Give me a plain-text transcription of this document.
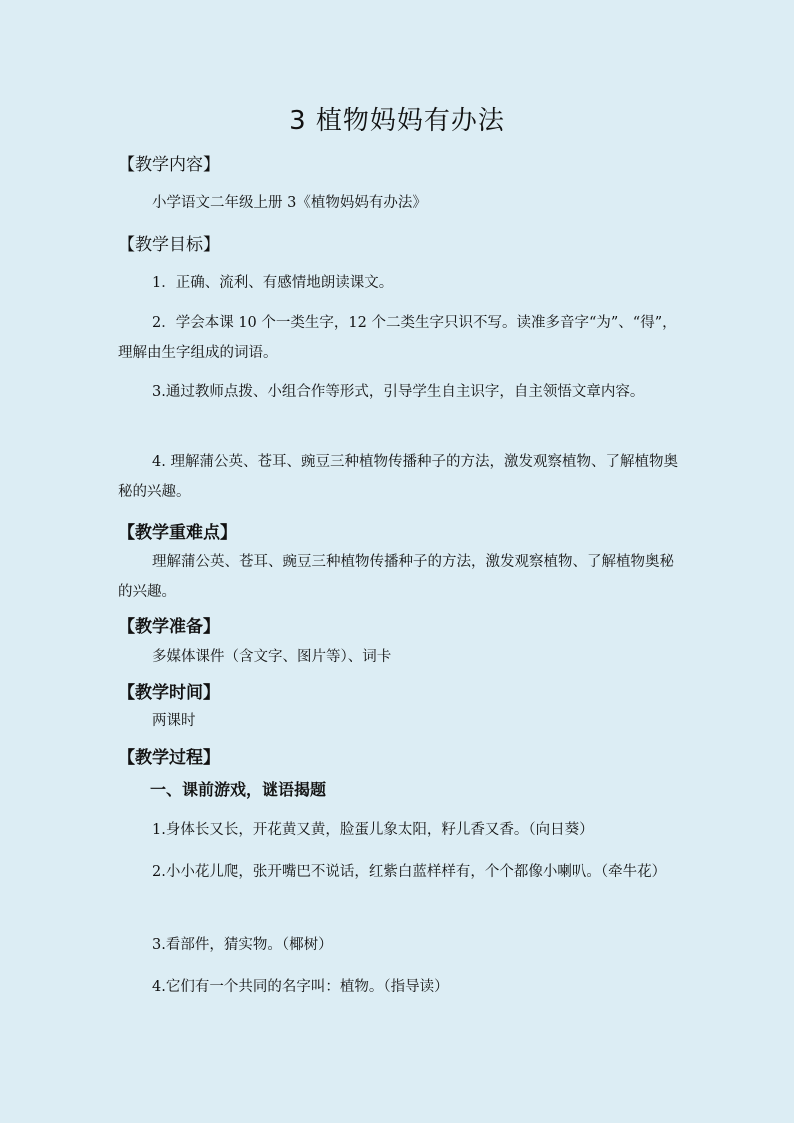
3 植物妈妈有办法
【教学内容】
小学语文二年级上册 3《植物妈妈有办法》
【教学目标】
1．正确、流利、有感情地朗读课文。
2．学会本课 10 个一类生字，12 个二类生字只识不写。读准多音字“为”、“得”，理解由生字组成的词语。
3.通过教师点拨、小组合作等形式，引导学生自主识字，自主领悟文章内容。
4. 理解蒲公英、苍耳、豌豆三种植物传播种子的方法，激发观察植物、了解植物奥秘的兴趣。
【教学重难点】
理解蒲公英、苍耳、豌豆三种植物传播种子的方法，激发观察植物、了解植物奥秘的兴趣。
【教学准备】
多媒体课件（含文字、图片等）、词卡
【教学时间】
两课时
【教学过程】
一、课前游戏，谜语揭题
1.身体长又长，开花黄又黄，脸蛋儿象太阳，籽儿香又香。（向日葵）
2.小小花儿爬，张开嘴巴不说话，红紫白蓝样样有，个个都像小喇叭。（牵牛花）
3.看部件，猜实物。（椰树）
4.它们有一个共同的名字叫：植物。（指导读）
